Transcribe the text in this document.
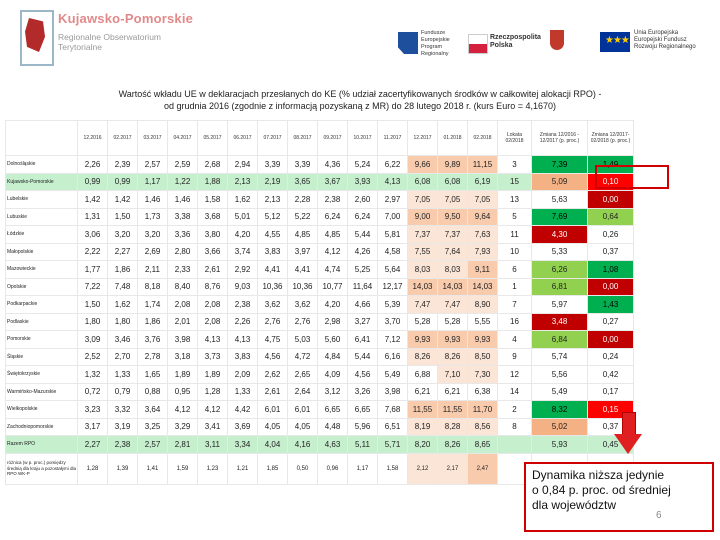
Kujawsko-Pomorskie
Regionalne Obserwatorium
Terytorialne
Fundusze
Europejskie
Program Regionalny
Rzeczpospolita
Polska	★★★
Unia Europejska
Europejski Fundusz
Rozwoju Regionalnego
Wartość wkładu UE w deklaracjach przesłanych do KE (% udział zacertyfikowanych środków w całkowitej alokacji RPO) -
od grudnia 2016 (zgodnie z informacją pozyskaną z MR) do 28 lutego 2018 r. (kurs Euro = 4,1670)
	12.2016	02.2017	03.2017	04.2017	05.2017	06.2017	07.2017	08.2017	09.2017	10.2017	11.2017	12.2017	01.2018	02.2018	Lokata 02/2018	Zmiana 12/2016 - 12/2017 (p. proc.)	Zmiana 12/2017-02/2018 (p. proc.)
Dolnośląskie	2,26	2,39	2,57	2,59	2,68	2,94	3,39	3,39	4,36	5,24	6,22	9,66	9,89	11,15	3	7,39	1,49
Kujawsko-Pomorskie	0,99	0,99	1,17	1,22	1,88	2,13	2,19	3,65	3,67	3,93	4,13	6,08	6,08	6,19	15	5,09	0,10
Lubelskie	1,42	1,42	1,46	1,46	1,58	1,62	2,13	2,28	2,38	2,60	2,97	7,05	7,05	7,05	13	5,63	0,00
Lubuskie	1,31	1,50	1,73	3,38	3,68	5,01	5,12	5,22	6,24	6,24	7,00	9,00	9,50	9,64	5	7,69	0,64
Łódzkie	3,06	3,20	3,20	3,36	3,80	4,20	4,55	4,85	4,85	5,44	5,81	7,37	7,37	7,63	11	4,30	0,26
Małopolskie	2,22	2,27	2,69	2,80	3,66	3,74	3,83	3,97	4,12	4,26	4,58	7,55	7,64	7,93	10	5,33	0,37
Mazowieckie	1,77	1,86	2,11	2,33	2,61	2,92	4,41	4,41	4,74	5,25	5,64	8,03	8,03	9,11	6	6,26	1,08
Opolskie	7,22	7,48	8,18	8,40	8,76	9,03	10,36	10,36	10,77	11,64	12,17	14,03	14,03	14,03	1	6,81	0,00
Podkarpackie	1,50	1,62	1,74	2,08	2,08	2,38	3,62	3,62	4,20	4,66	5,39	7,47	7,47	8,90	7	5,97	1,43
Podlaskie	1,80	1,80	1,86	2,01	2,08	2,26	2,76	2,76	2,98	3,27	3,70	5,28	5,28	5,55	16	3,48	0,27
Pomorskie	3,09	3,46	3,76	3,98	4,13	4,13	4,75	5,03	5,60	6,41	7,12	9,93	9,93	9,93	4	6,84	0,00
Śląskie	2,52	2,70	2,78	3,18	3,73	3,83	4,56	4,72	4,84	5,44	6,16	8,26	8,26	8,50	9	5,74	0,24
Świętokrzyskie	1,32	1,33	1,65	1,89	1,89	2,09	2,62	2,65	4,09	4,56	5,49	6,88	7,10	7,30	12	5,56	0,42
Warmińsko-Mazurskie	0,72	0,79	0,88	0,95	1,28	1,33	2,61	2,64	3,12	3,26	3,98	6,21	6,21	6,38	14	5,49	0,17
Wielkopolskie	3,23	3,32	3,64	4,12	4,12	4,42	6,01	6,01	6,65	6,65	7,68	11,55	11,55	11,70	2	8,32	0,15
Zachodniopomorskie	3,17	3,19	3,25	3,29	3,41	3,69	4,05	4,05	4,48	5,96	6,51	8,19	8,28	8,56	8	5,02	0,37
Razem RPO	2,27	2,38	2,57	2,81	3,11	3,34	4,04	4,16	4,63	5,11	5,71	8,20	8,26	8,65		5,93	0,45
różnica (w p. proc.) pomiędzy średnią dla kraju a pozostałymi dla RPO WK-P	1,28	1,39	1,41	1,59	1,23	1,21	1,85	0,50	0,96	1,17	1,58	2,12	2,17	2,47				Dynamika niższa jedynie
o 0,84 p. proc. od średniej
dla województw
6
